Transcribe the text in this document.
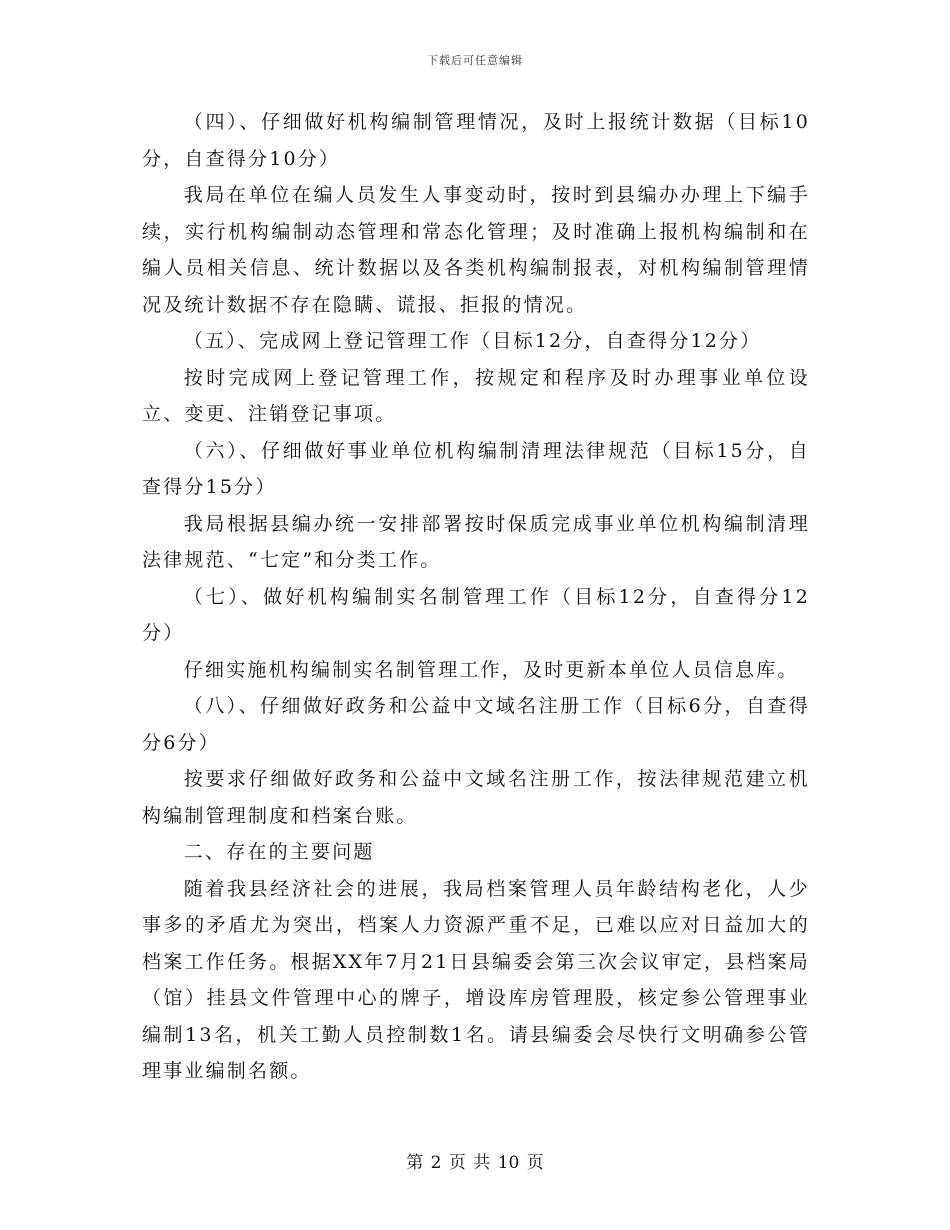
下载后可任意编辑

（四）、仔细做好机构编制管理情况，及时上报统计数据（目标10分，自查得分10分）

我局在单位在编人员发生人事变动时，按时到县编办办理上下编手续，实行机构编制动态管理和常态化管理；及时准确上报机构编制和在编人员相关信息、统计数据以及各类机构编制报表，对机构编制管理情况及统计数据不存在隐瞒、谎报、拒报的情况。

（五）、完成网上登记管理工作（目标12分，自查得分12分）

按时完成网上登记管理工作，按规定和程序及时办理事业单位设立、变更、注销登记事项。

（六）、仔细做好事业单位机构编制清理法律规范（目标15分，自查得分15分）

我局根据县编办统一安排部署按时保质完成事业单位机构编制清理法律规范、“七定”和分类工作。

（七）、做好机构编制实名制管理工作（目标12分，自查得分12分）

仔细实施机构编制实名制管理工作，及时更新本单位人员信息库。

（八）、仔细做好政务和公益中文域名注册工作（目标6分，自查得分6分）

按要求仔细做好政务和公益中文域名注册工作，按法律规范建立机构编制管理制度和档案台账。

二、存在的主要问题

随着我县经济社会的进展，我局档案管理人员年龄结构老化，人少事多的矛盾尤为突出，档案人力资源严重不足，已难以应对日益加大的档案工作任务。根据XX年7月21日县编委会第三次会议审定，县档案局（馆）挂县文件管理中心的牌子，增设库房管理股，核定参公管理事业编制13名，机关工勤人员控制数1名。请县编委会尽快行文明确参公管理事业编制名额。

第 2 页 共 10 页
